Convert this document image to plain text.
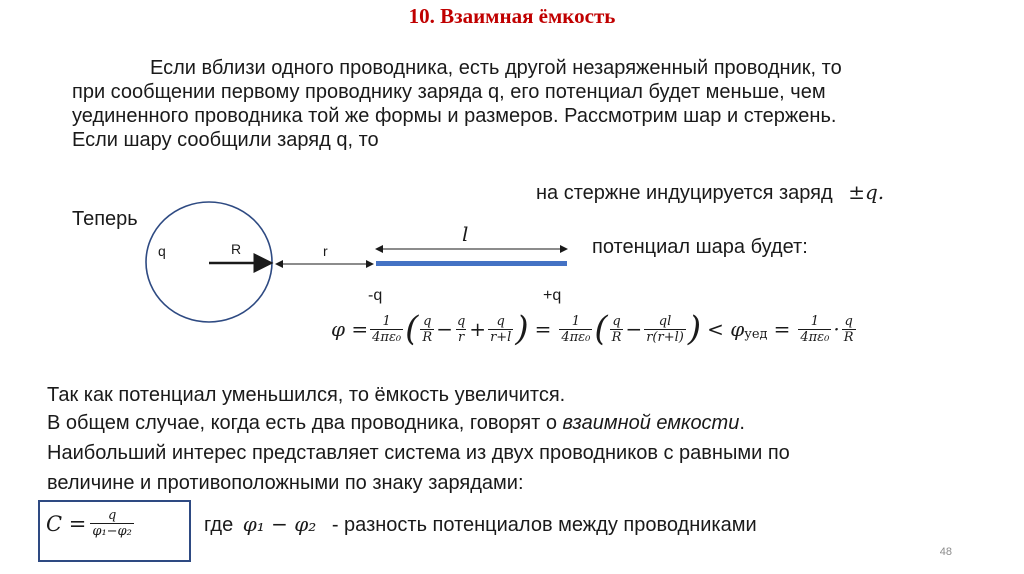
10. Взаимная ёмкость
Если вблизи одного проводника, есть другой незаряженный проводник, то
при сообщении первому проводнику заряда q, его потенциал будет меньше, чем
уединенного проводника той же формы и размеров. Рассмотрим шар и стержень.
Если шару сообщили заряд q, то
на стержне индуцируется заряд ±q.
Теперь
потенциал шара будет:
q	R	r
l
-q	+q
$\varphi = \frac{1}{\text{4πε₀}}$ ( $\frac{q}{R} - \frac{q}{r} + \frac{q}{r+l}$ ) = $\frac{1}{\text{4πε₀}}$ ( $\frac{q}{R} - \frac{ql}{r(r+l)}$ ) < φ уед = $\frac{1}{\text{4πε₀}} \cdot \frac{q}{R}$
Так как потенциал уменьшился, то ёмкость увеличится.
В общем случае, когда есть два проводника, говорят о взаимной емкости.
Наибольший интерес представляет система из двух проводников с равными по
величине и противоположными по знаку зарядами:
$C = \frac{q}{\text{φ₁−φ₂}}$	где φ₁ − φ₂ - разность потенциалов между проводниками
48
